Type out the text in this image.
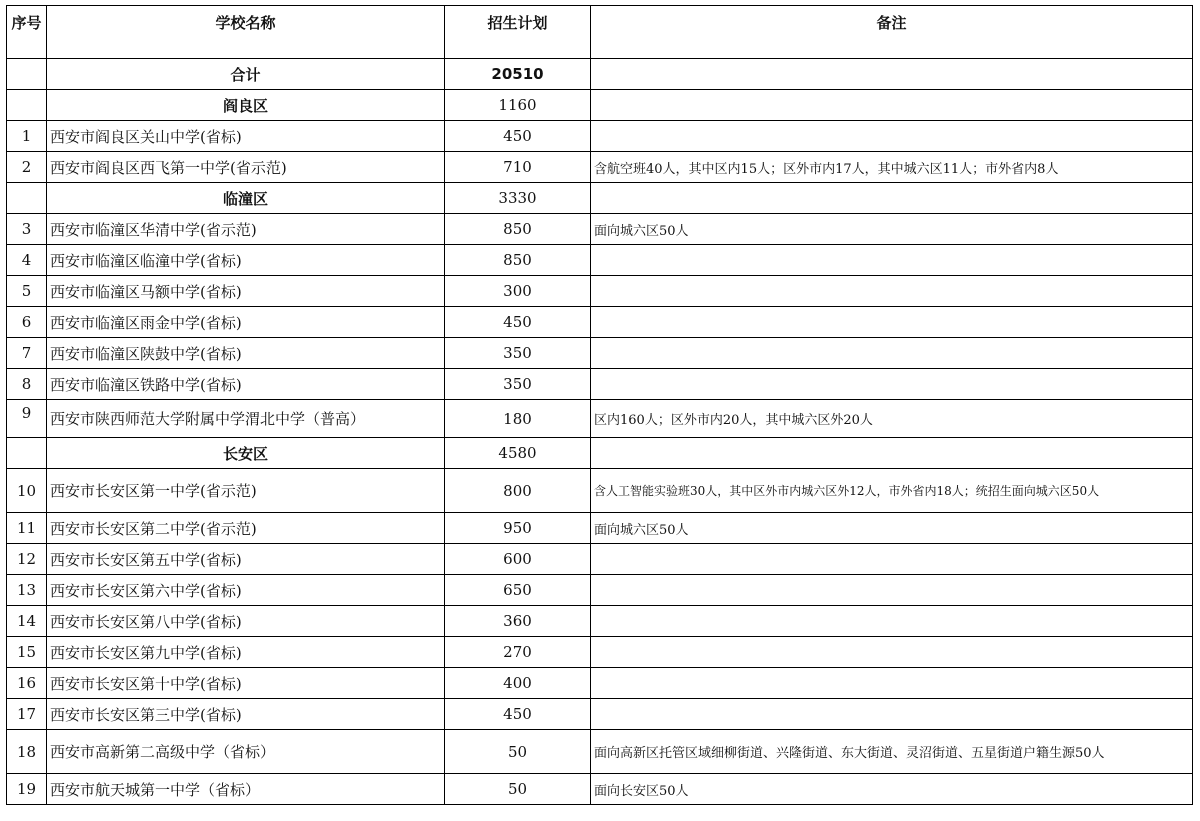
序号	学校名称	招生计划	备注
	合计	20510	
	阎良区	1160	
1	西安市阎良区关山中学(省标)	450	
2	西安市阎良区西飞第一中学(省示范)	710	含航空班40人，其中区内15人；区外市内17人，其中城六区11人；市外省内8人
	临潼区	3330	
3	西安市临潼区华清中学(省示范)	850	面向城六区50人
4	西安市临潼区临潼中学(省标)	850	
5	西安市临潼区马额中学(省标)	300	
6	西安市临潼区雨金中学(省标)	450	
7	西安市临潼区陕鼓中学(省标)	350	
8	西安市临潼区铁路中学(省标)	350	
9	西安市陕西师范大学附属中学渭北中学（普高）	180	区内160人；区外市内20人，其中城六区外20人
	长安区	4580	
10	西安市长安区第一中学(省示范)	800	含人工智能实验班30人，其中区外市内城六区外12人，市外省内18人；统招生面向城六区50人
11	西安市长安区第二中学(省示范)	950	面向城六区50人
12	西安市长安区第五中学(省标)	600	
13	西安市长安区第六中学(省标)	650	
14	西安市长安区第八中学(省标)	360	
15	西安市长安区第九中学(省标)	270	
16	西安市长安区第十中学(省标)	400	
17	西安市长安区第三中学(省标)	450	
18	西安市高新第二高级中学（省标）	50	面向高新区托管区域细柳街道、兴隆街道、东大街道、灵沼街道、五星街道户籍生源50人
19	西安市航天城第一中学（省标）	50	面向长安区50人
